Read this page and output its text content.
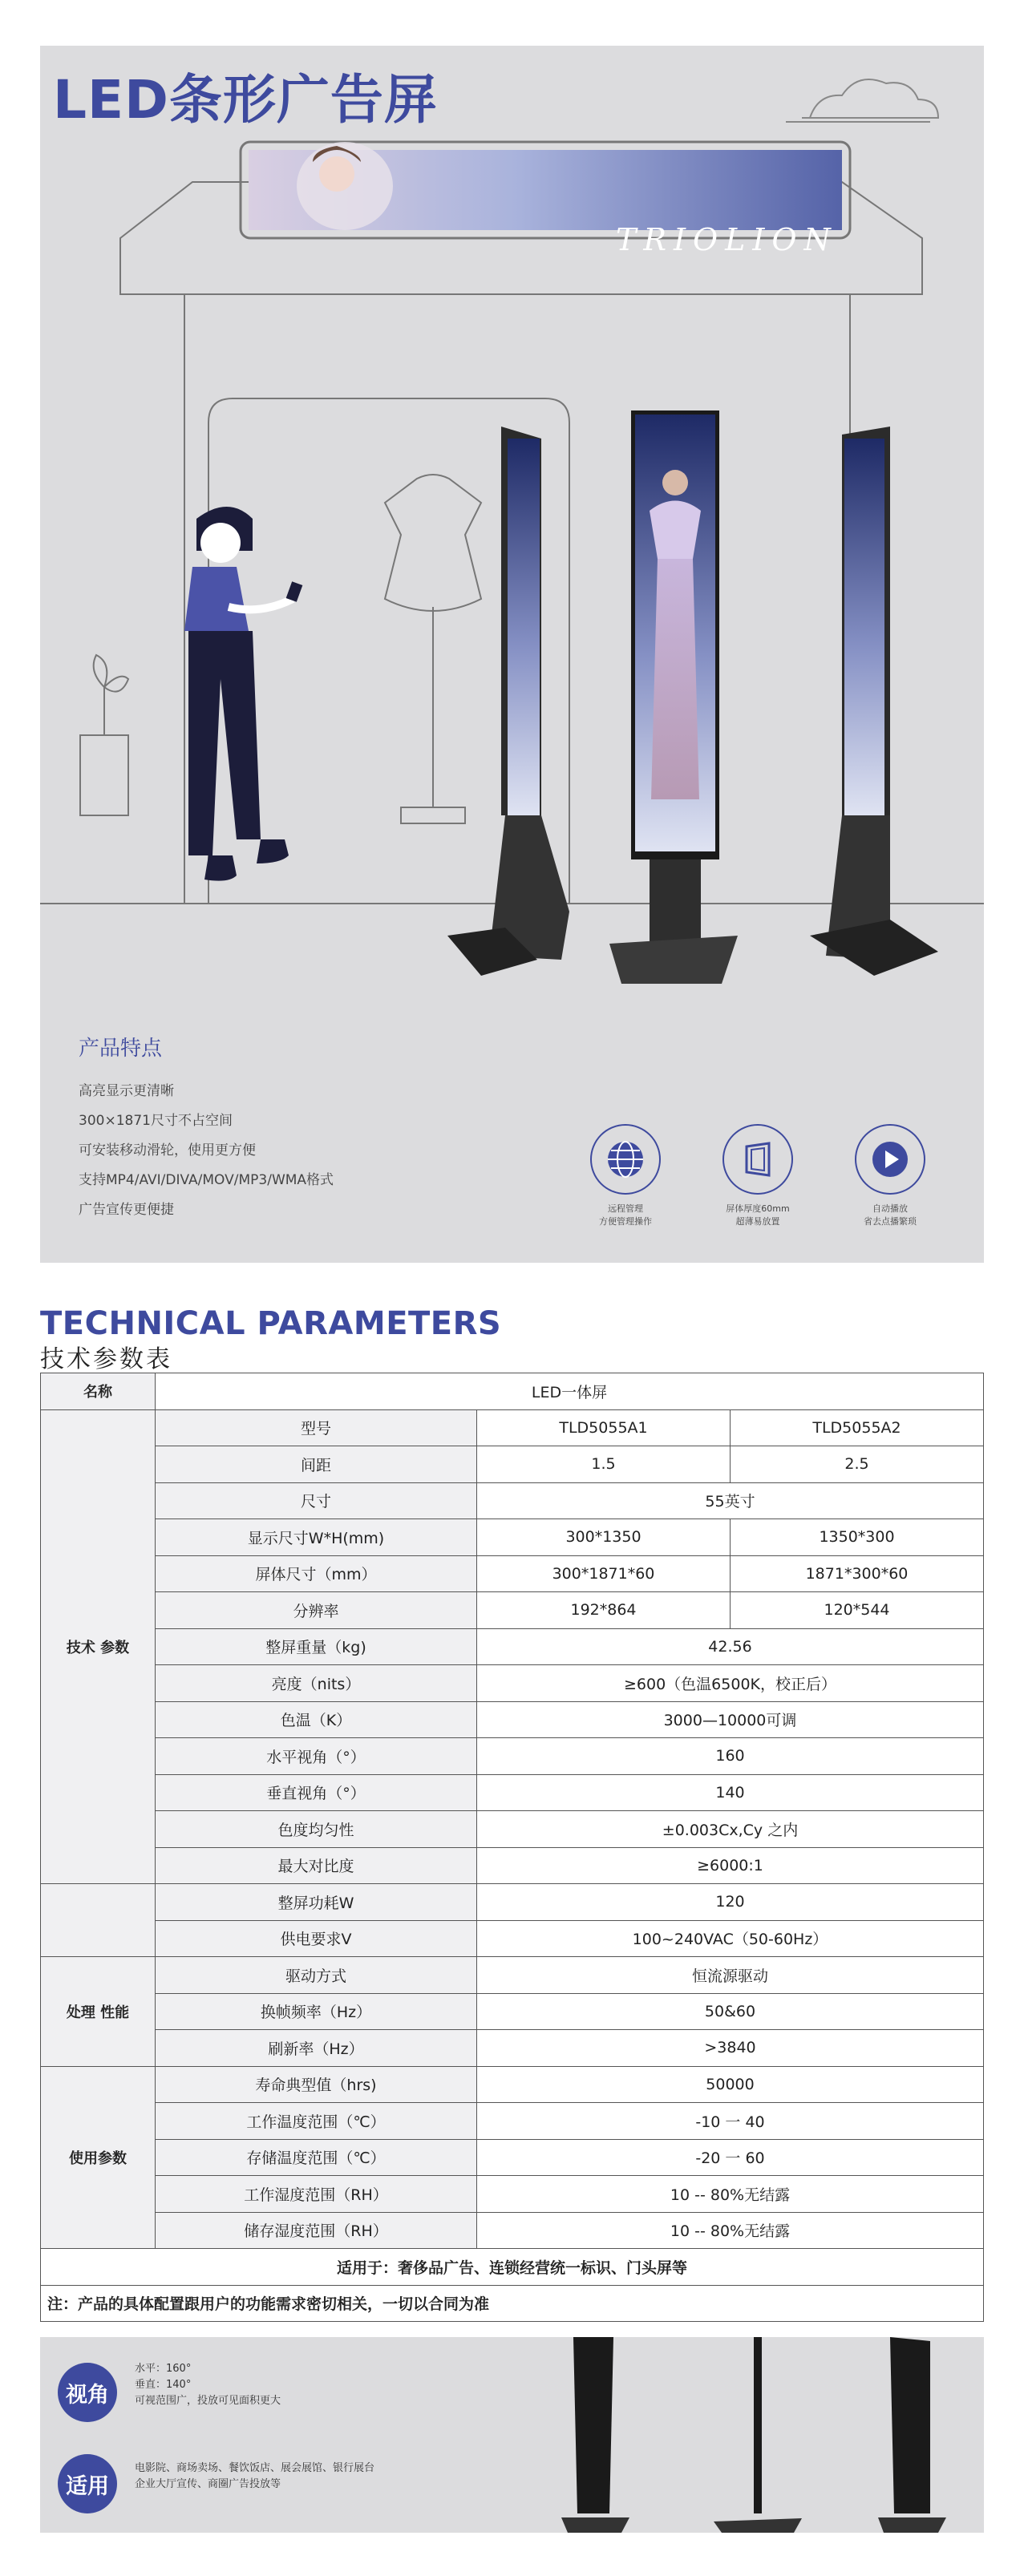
LED条形广告屏
TRIOLION
产品特点
高亮显示更清晰
300×1871尺寸不占空间
可安装移动滑轮，使用更方便
支持MP4/AVI/DIVA/MOV/MP3/WMA格式
广告宣传更便捷	远程管理
方便管理操作
屏体厚度60mm
超薄易放置
自动播放
省去点播繁琐
TECHNICAL PARAMETERS
技术参数表
名称	LED一体屏		
技术 参数	型号	TLD5055A1	TLD5055A2
	间距	1.5	2.5
	尺寸	55英寸	
	显示尺寸W*H(mm)	300*1350	1350*300
	屏体尺寸（mm）	300*1871*60	1871*300*60
	分辨率	192*864	120*544
	整屏重量（kg)	42.56	
	亮度（nits）	≥600（色温6500K，校正后）	
	色温（K）	3000—10000可调	
	水平视角（°）	160	
	垂直视角（°）	140	
	色度均匀性	±0.003Cx,Cy 之内	
	最大对比度	≥6000:1	
	整屏功耗W	120	
	供电要求V	100~240VAC（50-60Hz）	
处理 性能	驱动方式	恒流源驱动	
	换帧频率（Hz）	50&60	
	刷新率（Hz）	>3840	
使用参数	寿命典型值（hrs)	50000	
	工作温度范围（℃）	-10 一 40	
	存储温度范围（℃）	-20 一 60	
	工作湿度范围（RH）	10 -- 80%无结露	
	储存湿度范围（RH）	10 -- 80%无结露	
适用于：奢侈品广告、连锁经营统一标识、门头屏等			
注：产品的具体配置跟用户的功能需求密切相关，一切以合同为准			
视角
水平：160°
垂直：140°
可视范围广，投放可见面积更大
适用
电影院、商场卖场、餐饮饭店、展会展馆、银行展台
企业大厅宣传、商圈广告投放等
